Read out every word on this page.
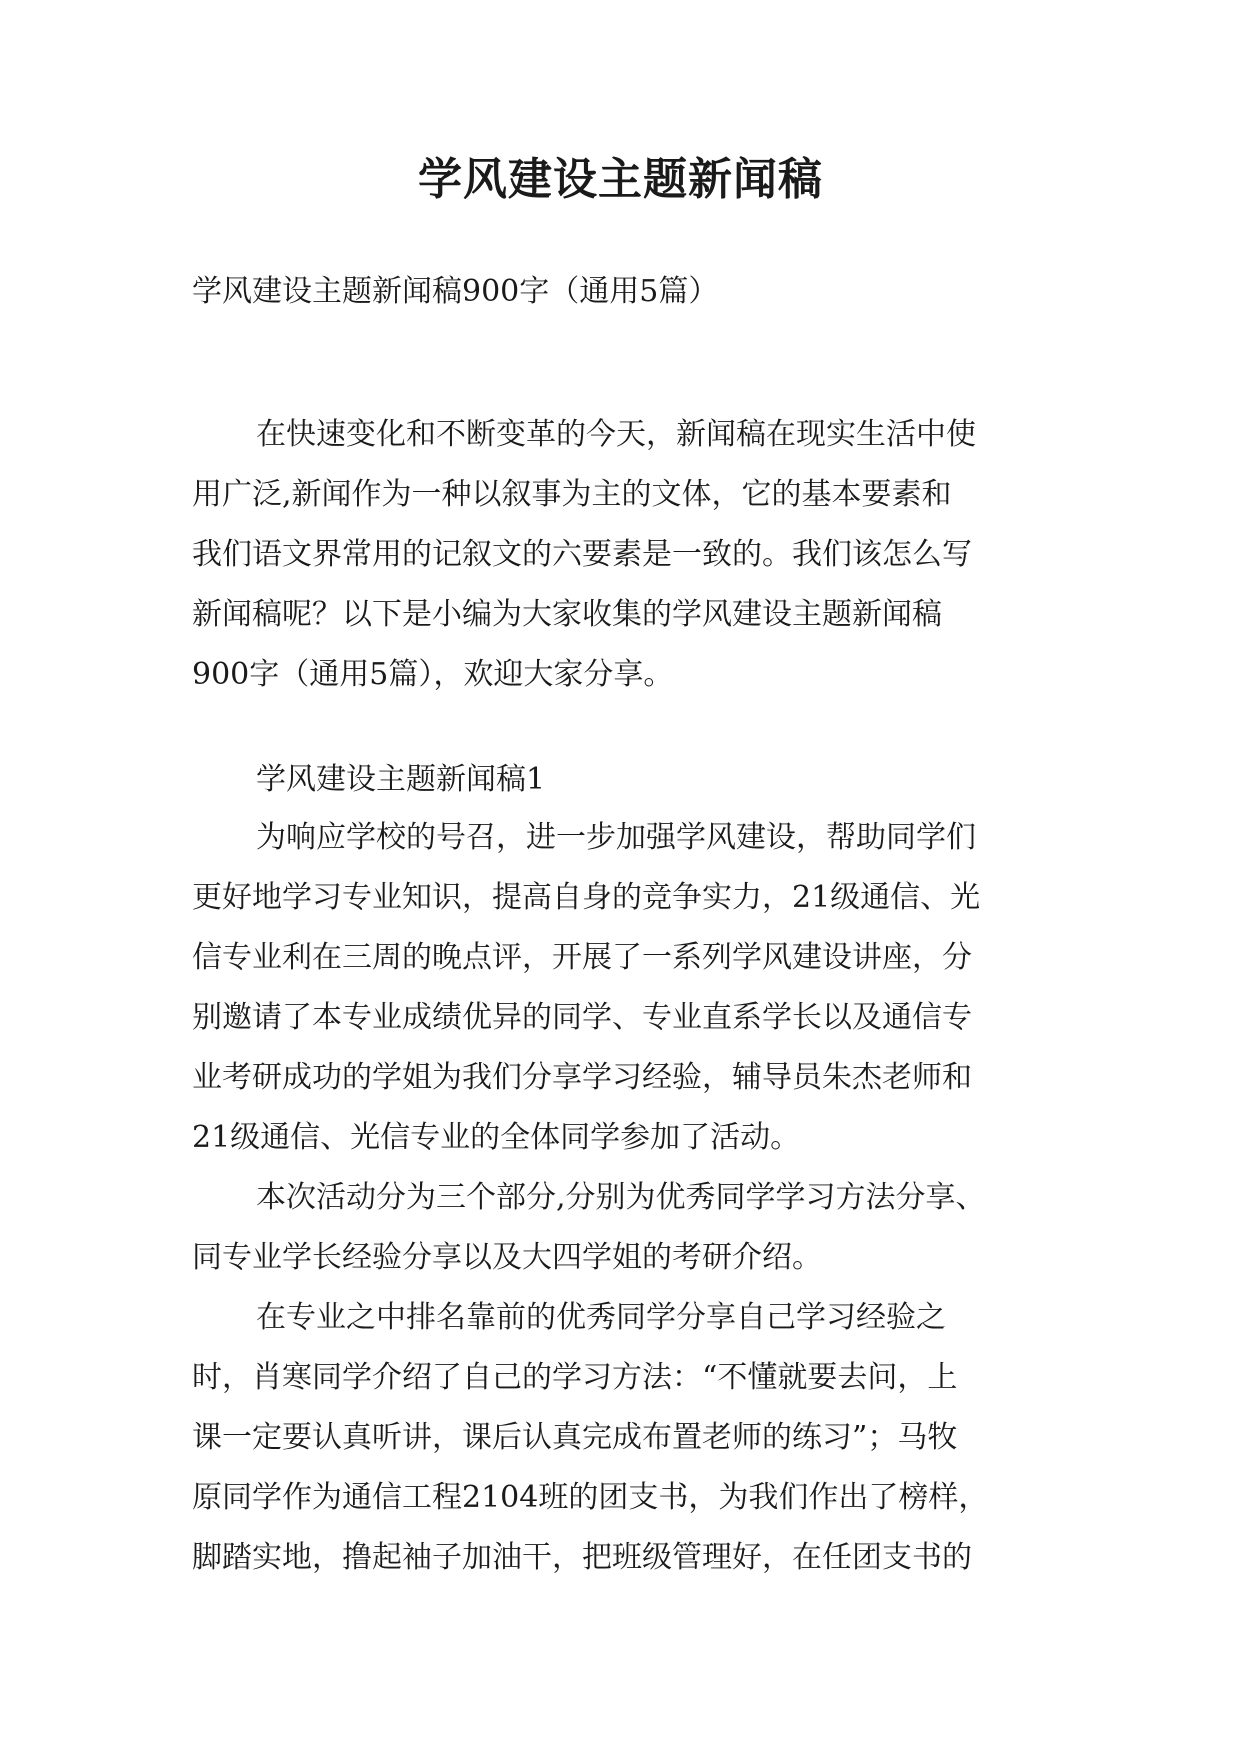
学风建设主题新闻稿
学风建设主题新闻稿900字（通用5篇）
在快速变化和不断变革的今天，新闻稿在现实生活中使
用广泛,新闻作为一种以叙事为主的文体，它的基本要素和
我们语文界常用的记叙文的六要素是一致的。我们该怎么写
新闻稿呢？以下是小编为大家收集的学风建设主题新闻稿
900字（通用5篇），欢迎大家分享。
学风建设主题新闻稿1
为响应学校的号召，进一步加强学风建设，帮助同学们
更好地学习专业知识，提高自身的竞争实力，21级通信、光
信专业利在三周的晚点评，开展了一系列学风建设讲座，分
别邀请了本专业成绩优异的同学、专业直系学长以及通信专
业考研成功的学姐为我们分享学习经验，辅导员朱杰老师和
21级通信、光信专业的全体同学参加了活动。
本次活动分为三个部分,分别为优秀同学学习方法分享、
同专业学长经验分享以及大四学姐的考研介绍。
在专业之中排名靠前的优秀同学分享自己学习经验之
时，肖寒同学介绍了自己的学习方法：“不懂就要去问，上
课一定要认真听讲，课后认真完成布置老师的练习”；马牧
原同学作为通信工程2104班的团支书，为我们作出了榜样，
脚踏实地，撸起袖子加油干，把班级管理好，在任团支书的
